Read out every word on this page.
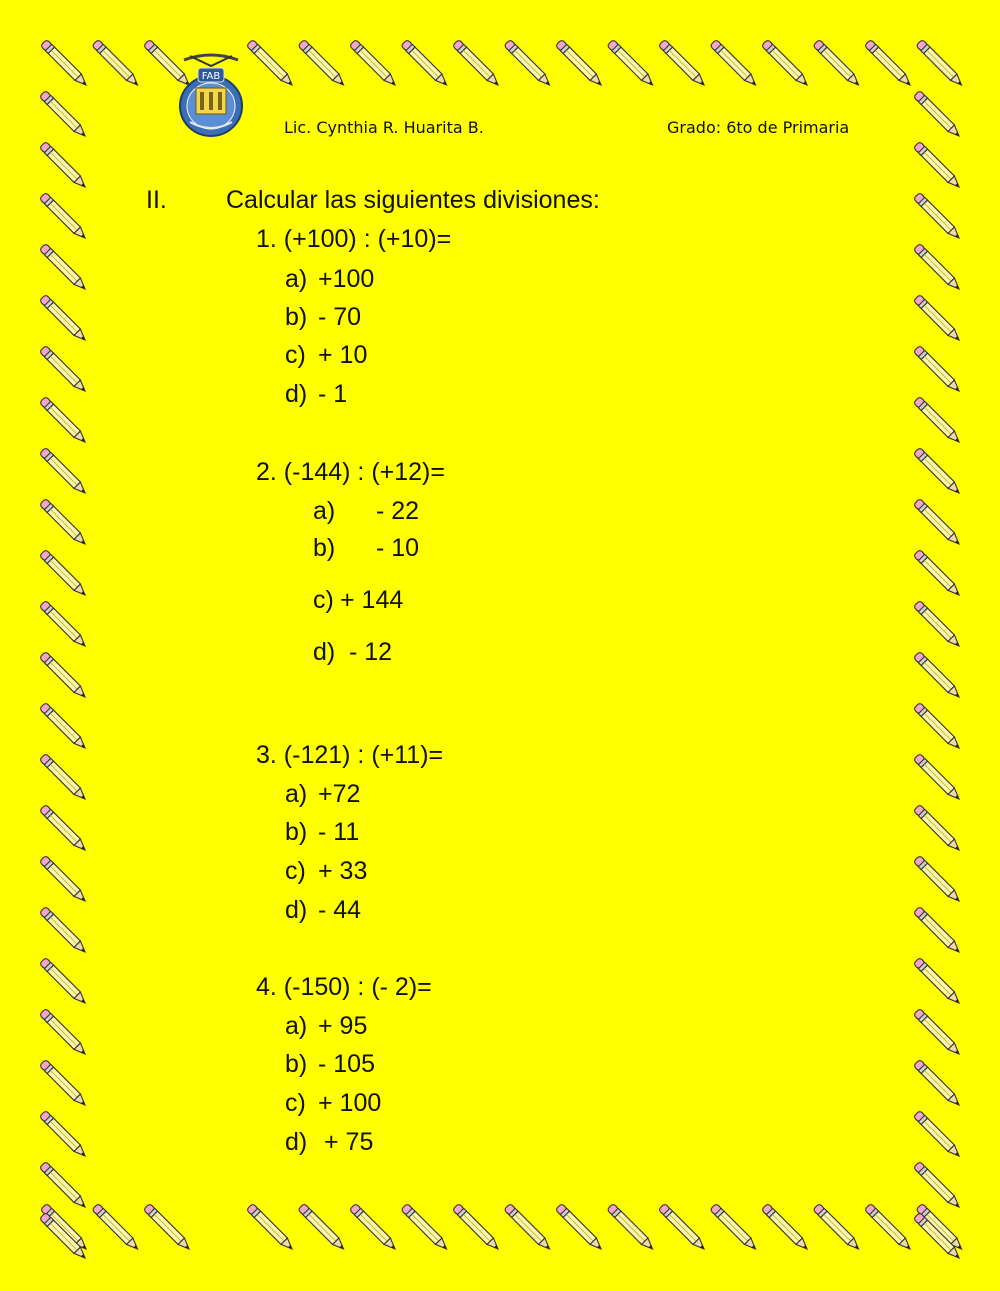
FAB
Lic. Cynthia R. Huarita B.	Grado: 6to de Primaria
II. Calcular las siguientes divisiones:
1. (+100) : (+10)=
a) +100
b) - 70
c) + 10
d) - 1
2. (-144) : (+12)=
a) - 22
b) - 10
c) + 144
d) - 12
3. (-121) : (+11)=
a) +72
b) - 11
c) + 33
d) - 44
4. (-150) : (- 2)=
a) + 95
b) - 105
c) + 100
d) + 75
